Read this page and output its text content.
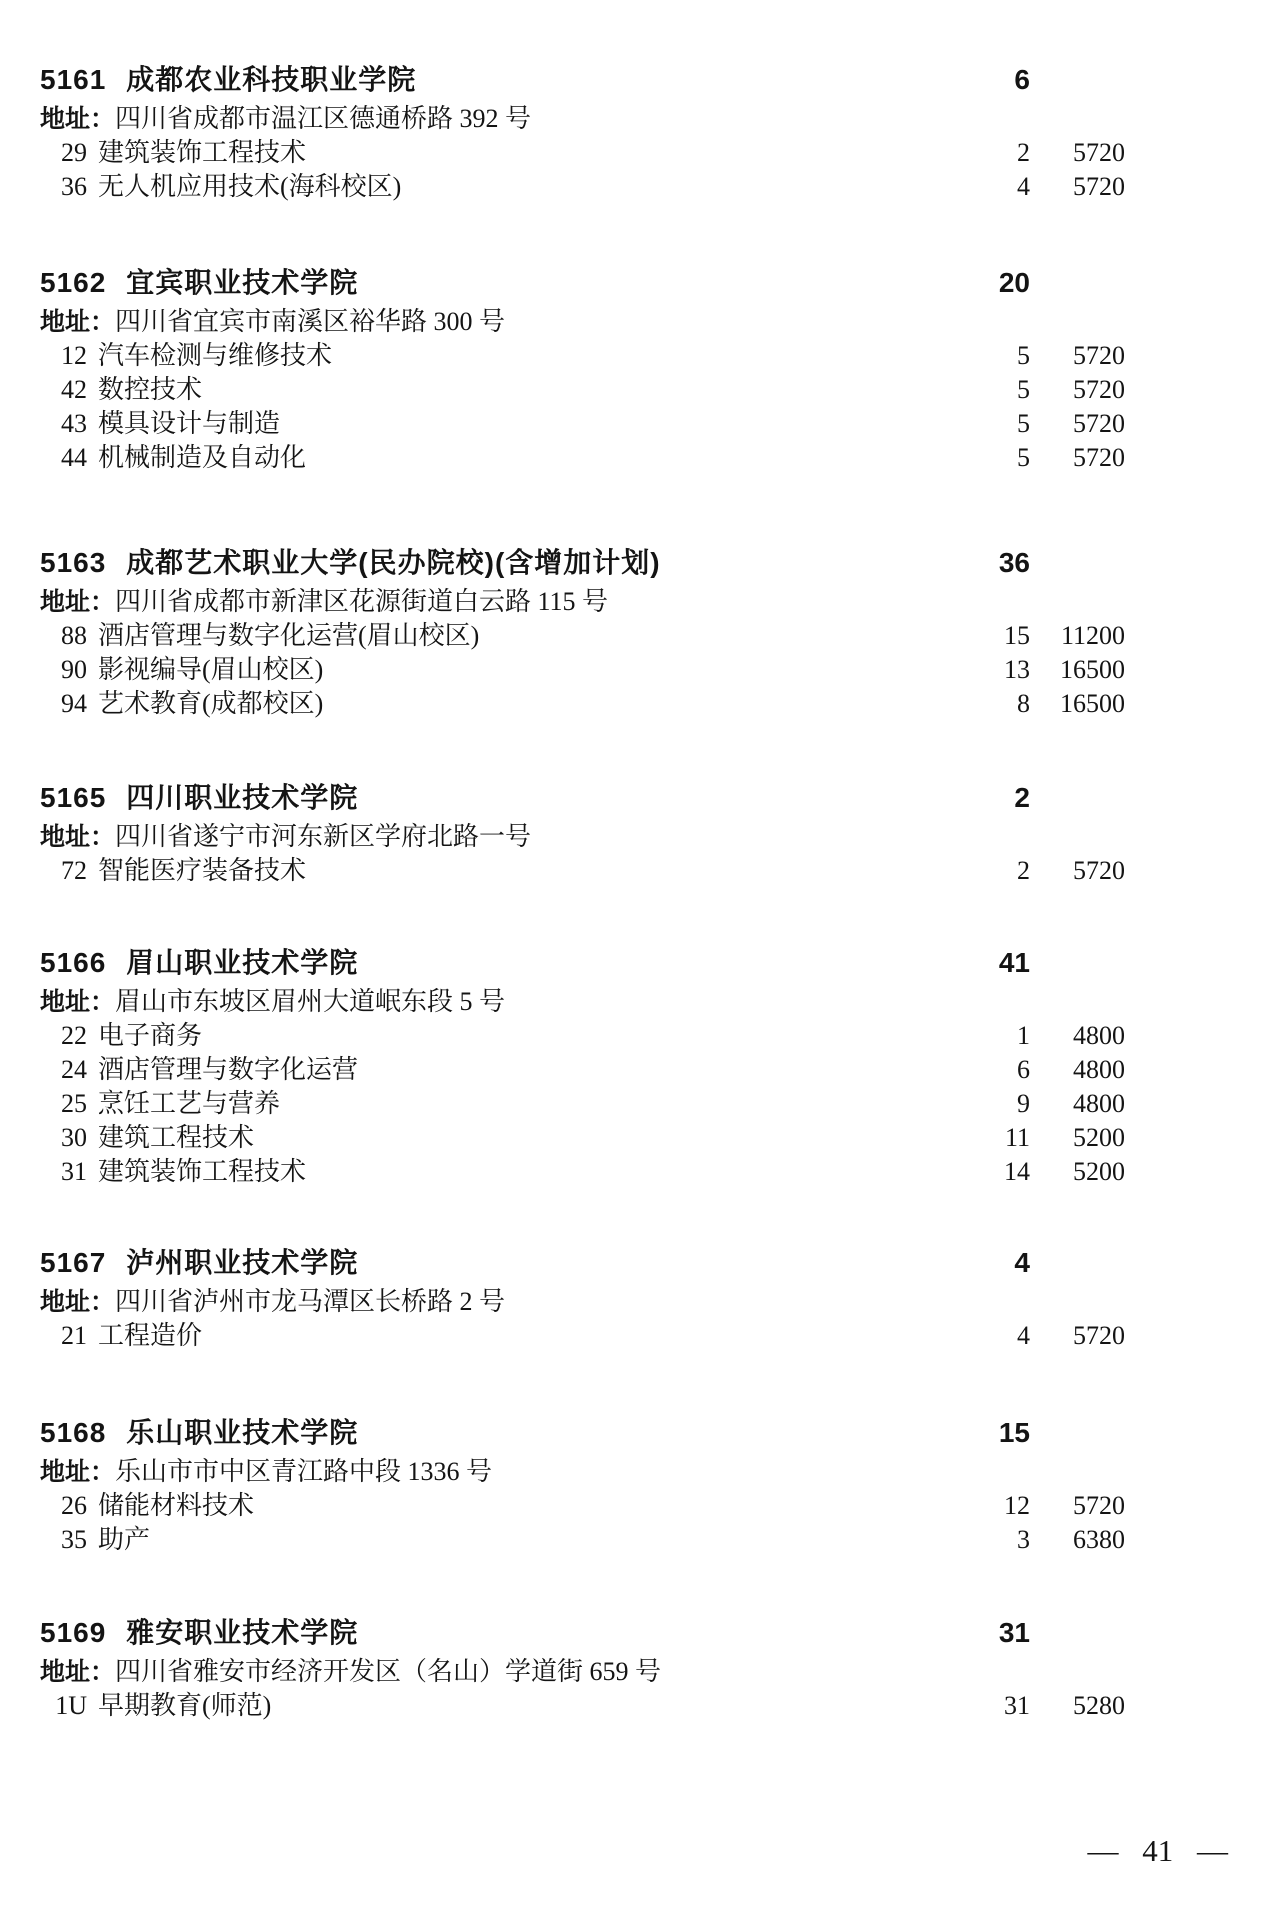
5161 成都农业科技职业学院	6
地址：四川省成都市温江区德通桥路 392 号
29 建筑装饰工程技术	2	5720
36 无人机应用技术(海科校区)	4	5720
5162 宜宾职业技术学院	20
地址：四川省宜宾市南溪区裕华路 300 号
12 汽车检测与维修技术	5	5720
42 数控技术	5	5720
43 模具设计与制造	5	5720
44 机械制造及自动化	5	5720
5163 成都艺术职业大学(民办院校)(含增加计划)	36
地址：四川省成都市新津区花源街道白云路 115 号
88 酒店管理与数字化运营(眉山校区)	15	11200
90 影视编导(眉山校区)	13	16500
94 艺术教育(成都校区)	8	16500
5165 四川职业技术学院	2
地址：四川省遂宁市河东新区学府北路一号
72 智能医疗装备技术	2	5720
5166 眉山职业技术学院	41
地址：眉山市东坡区眉州大道岷东段 5 号
22 电子商务	1	4800
24 酒店管理与数字化运营	6	4800
25 烹饪工艺与营养	9	4800
30 建筑工程技术	11	5200
31 建筑装饰工程技术	14	5200
5167 泸州职业技术学院	4
地址：四川省泸州市龙马潭区长桥路 2 号
21 工程造价	4	5720
5168 乐山职业技术学院	15
地址：乐山市市中区青江路中段 1336 号
26 储能材料技术	12	5720
35 助产	3	6380
5169 雅安职业技术学院	31
地址：四川省雅安市经济开发区（名山）学道街 659 号
1U 早期教育(师范)	31	5280
— 41 —
